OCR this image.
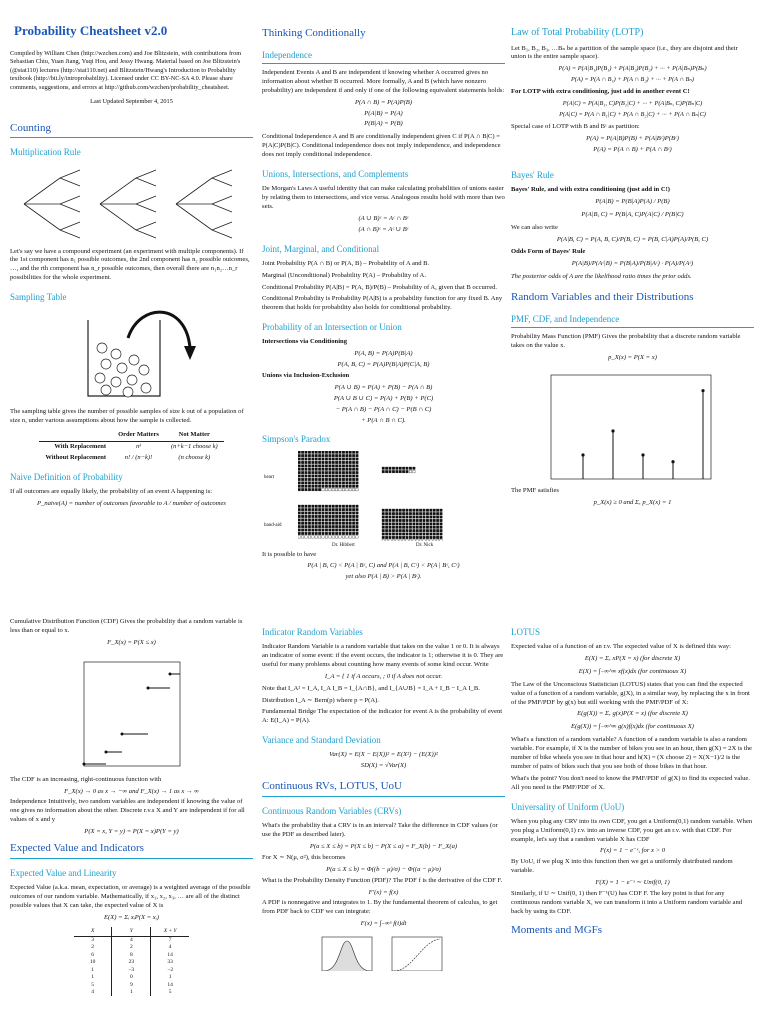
Probability Cheatsheet v2.0

Compiled by William Chen (http://wzchen.com) and Joe Blitzstein, with contributions from Sebastian Chiu, Yuan Jiang, Yuqi Hou, and Jessy Hwang. Material based on Joe Blitzstein's (@stat110) lectures (http://stat110.net) and Blitzstein/Hwang's Introduction to Probability textbook (http://bit.ly/introprobability). Licensed under CC BY-NC-SA 4.0. Please share comments, suggestions, and errors at http://github.com/wzchen/probability_cheatsheet.

Last Updated September 4, 2015

Counting
Multiplication Rule

Let's say we have a compound experiment (an experiment with multiple components). If the 1st component has n₁ possible outcomes, the 2nd component has n₂ possible outcomes, …, and the rth component has n_r possible outcomes, then overall there are n₁n₂…n_r possibilities for the whole experiment.

Sampling Table

The sampling table gives the number of possible samples of size k out of a population of size n, under various assumptions about how the sample is collected.

	Order Matters	Not Matter
With Replacement	nᵏ	(n+k−1 choose k)
Without Replacement	n! / (n−k)!	(n choose k)
Naive Definition of Probability

If all outcomes are equally likely, the probability of an event A happening is:

P_naive(A) = number of outcomes favorable to A / number of outcomes
Thinking Conditionally
Independence

Independent Events A and B are independent if knowing whether A occurred gives no information about whether B occurred. More formally, A and B (which have nonzero probability) are independent if and only if one of the following equivalent statements holds:

P(A ∩ B) = P(A)P(B)
P(A|B) = P(A)
P(B|A) = P(B)

Conditional Independence A and B are conditionally independent given C if P(A ∩ B|C) = P(A|C)P(B|C). Conditional independence does not imply independence, and independence does not imply conditional independence.

Unions, Intersections, and Complements

De Morgan's Laws A useful identity that can make calculating probabilities of unions easier by relating them to intersections, and vice versa. Analogous results hold with more than two sets.

(A ∪ B)ᶜ = Aᶜ ∩ Bᶜ
(A ∩ B)ᶜ = Aᶜ ∪ Bᶜ
Joint, Marginal, and Conditional

Joint Probability P(A ∩ B) or P(A, B) – Probability of A and B.

Marginal (Unconditional) Probability P(A) – Probability of A.

Conditional Probability P(A|B) = P(A, B)/P(B) – Probability of A, given that B occurred.

Conditional Probability is Probability P(A|B) is a probability function for any fixed B. Any theorem that holds for probability also holds for conditional probability.

Probability of an Intersection or Union

Intersections via Conditioning

P(A, B) = P(A)P(B|A)
P(A, B, C) = P(A)P(B|A)P(C|A, B)

Unions via Inclusion-Exclusion

P(A ∪ B) = P(A) + P(B) − P(A ∩ B)
P(A ∪ B ∪ C) = P(A) + P(B) + P(C)
− P(A ∩ B) − P(A ∩ C) − P(B ∩ C)
+ P(A ∩ B ∩ C).
Simpson's Paradox
heart
band-aid
Dr. Hibbert	Dr. Nick

It is possible to have

P(A | B, C) < P(A | Bᶜ, C) and P(A | B, Cᶜ) < P(A | Bᶜ, Cᶜ)
yet also P(A | B) > P(A | Bᶜ).
Law of Total Probability (LOTP)

Let B₁, B₂, B₃, …Bₙ be a partition of the sample space (i.e., they are disjoint and their union is the entire sample space).

P(A) = P(A|B₁)P(B₁) + P(A|B₂)P(B₂) + ··· + P(A|Bₙ)P(Bₙ)
P(A) = P(A ∩ B₁) + P(A ∩ B₂) + ··· + P(A ∩ Bₙ)

For LOTP with extra conditioning, just add in another event C!

P(A|C) = P(A|B₁, C)P(B₁|C) + ··· + P(A|Bₙ, C)P(Bₙ|C)
P(A|C) = P(A ∩ B₁|C) + P(A ∩ B₂|C) + ··· + P(A ∩ Bₙ|C)

Special case of LOTP with B and Bᶜ as partition:

P(A) = P(A|B)P(B) + P(A|Bᶜ)P(Bᶜ)
P(A) = P(A ∩ B) + P(A ∩ Bᶜ)
Bayes' Rule

Bayes' Rule, and with extra conditioning (just add in C!)

P(A|B) = P(B|A)P(A) / P(B)
P(A|B, C) = P(B|A, C)P(A|C) / P(B|C)

We can also write

P(A|B, C) = P(A, B, C)/P(B, C) = P(B, C|A)P(A)/P(B, C)

Odds Form of Bayes' Rule

P(A|B)/P(Aᶜ|B) = P(B|A)/P(B|Aᶜ) · P(A)/P(Aᶜ)

The posterior odds of A are the likelihood ratio times the prior odds.

Random Variables and their Distributions
PMF, CDF, and Independence

Probability Mass Function (PMF) Gives the probability that a discrete random variable takes on the value x.

p_X(x) = P(X = x)

The PMF satisfies

p_X(x) ≥ 0 and Σₓ p_X(x) = 1

Cumulative Distribution Function (CDF) Gives the probability that a random variable is less than or equal to x.

F_X(x) = P(X ≤ x)

The CDF is an increasing, right-continuous function with

F_X(x) → 0 as x → −∞ and F_X(x) → 1 as x → ∞

Independence Intuitively, two random variables are independent if knowing the value of one gives no information about the other. Discrete r.v.s X and Y are independent if for all values of x and y

P(X = x, Y = y) = P(X = x)P(Y = y)
Expected Value and Indicators
Expected Value and Linearity

Expected Value (a.k.a. mean, expectation, or average) is a weighted average of the possible outcomes of our random variable. Mathematically, if x₁, x₂, x₃, … are all of the distinct possible values that X can take, the expected value of X is

E(X) = Σᵢ xᵢP(X = xᵢ)
X	Y	X + Y
3	4	7
2	2	4
6	8	14
10	23	33
1	−3	−2
1	0	1
5	9	14
4	1	5
Indicator Random Variables

Indicator Random Variable is a random variable that takes on the value 1 or 0. It is always an indicator of some event: if the event occurs, the indicator is 1; otherwise it is 0. They are useful for many problems about counting how many events of some kind occur. Write

I_A = { 1 if A occurs, ; 0 if A does not occur.

Note that I_A² = I_A, I_A I_B = I_{A∩B}, and I_{A∪B} = I_A + I_B − I_A I_B.

Distribution I_A ∼ Bern(p) where p = P(A).

Fundamental Bridge The expectation of the indicator for event A is the probability of event A: E(I_A) = P(A).

Variance and Standard Deviation
Var(X) = E(X − E(X))² = E(X²) − (E(X))²
SD(X) = √Var(X)
Continuous RVs, LOTUS, UoU
Continuous Random Variables (CRVs)

What's the probability that a CRV is in an interval? Take the difference in CDF values (or use the PDF as described later).

P(a ≤ X ≤ b) = P(X ≤ b) − P(X ≤ a) = F_X(b) − F_X(a)

For X ∼ N(μ, σ²), this becomes

P(a ≤ X ≤ b) = Φ((b − μ)/σ) − Φ((a − μ)/σ)

What is the Probability Density Function (PDF)? The PDF f is the derivative of the CDF F.

F′(x) = f(x)

A PDF is nonnegative and integrates to 1. By the fundamental theorem of calculus, to get from PDF back to CDF we can integrate:

F(x) = ∫₋∞ˣ f(t)dt
LOTUS

Expected value of a function of an r.v. The expected value of X is defined this way:

E(X) = Σₓ xP(X = x) (for discrete X)
E(X) = ∫₋∞^∞ xf(x)dx (for continuous X)

The Law of the Unconscious Statistician (LOTUS) states that you can find the expected value of a function of a random variable, g(X), in a similar way, by replacing the x in front of the PMF/PDF by g(x) but still working with the PMF/PDF of X:

E(g(X)) = Σₓ g(x)P(X = x) (for discrete X)
E(g(X)) = ∫₋∞^∞ g(x)f(x)dx (for continuous X)

What's a function of a random variable? A function of a random variable is also a random variable. For example, if X is the number of bikes you see in an hour, then g(X) = 2X is the number of bike wheels you see in that hour and h(X) = (X choose 2) = X(X−1)/2 is the number of pairs of bikes such that you see both of those bikes in that hour.

What's the point? You don't need to know the PMF/PDF of g(X) to find its expected value. All you need is the PMF/PDF of X.

Universality of Uniform (UoU)

When you plug any CRV into its own CDF, you get a Uniform(0,1) random variable. When you plug a Uniform(0,1) r.v. into an inverse CDF, you get an r.v. with that CDF. For example, let's say that a random variable X has CDF

F(x) = 1 − e⁻ˣ, for x > 0

By UoU, if we plug X into this function then we get a uniformly distributed random variable.

F(X) = 1 − e⁻ˣ ∼ Unif(0, 1)

Similarly, if U ∼ Unif(0, 1) then F⁻¹(U) has CDF F. The key point is that for any continuous random variable X, we can transform it into a Uniform random variable and back by using its CDF.

Moments and MGFs
